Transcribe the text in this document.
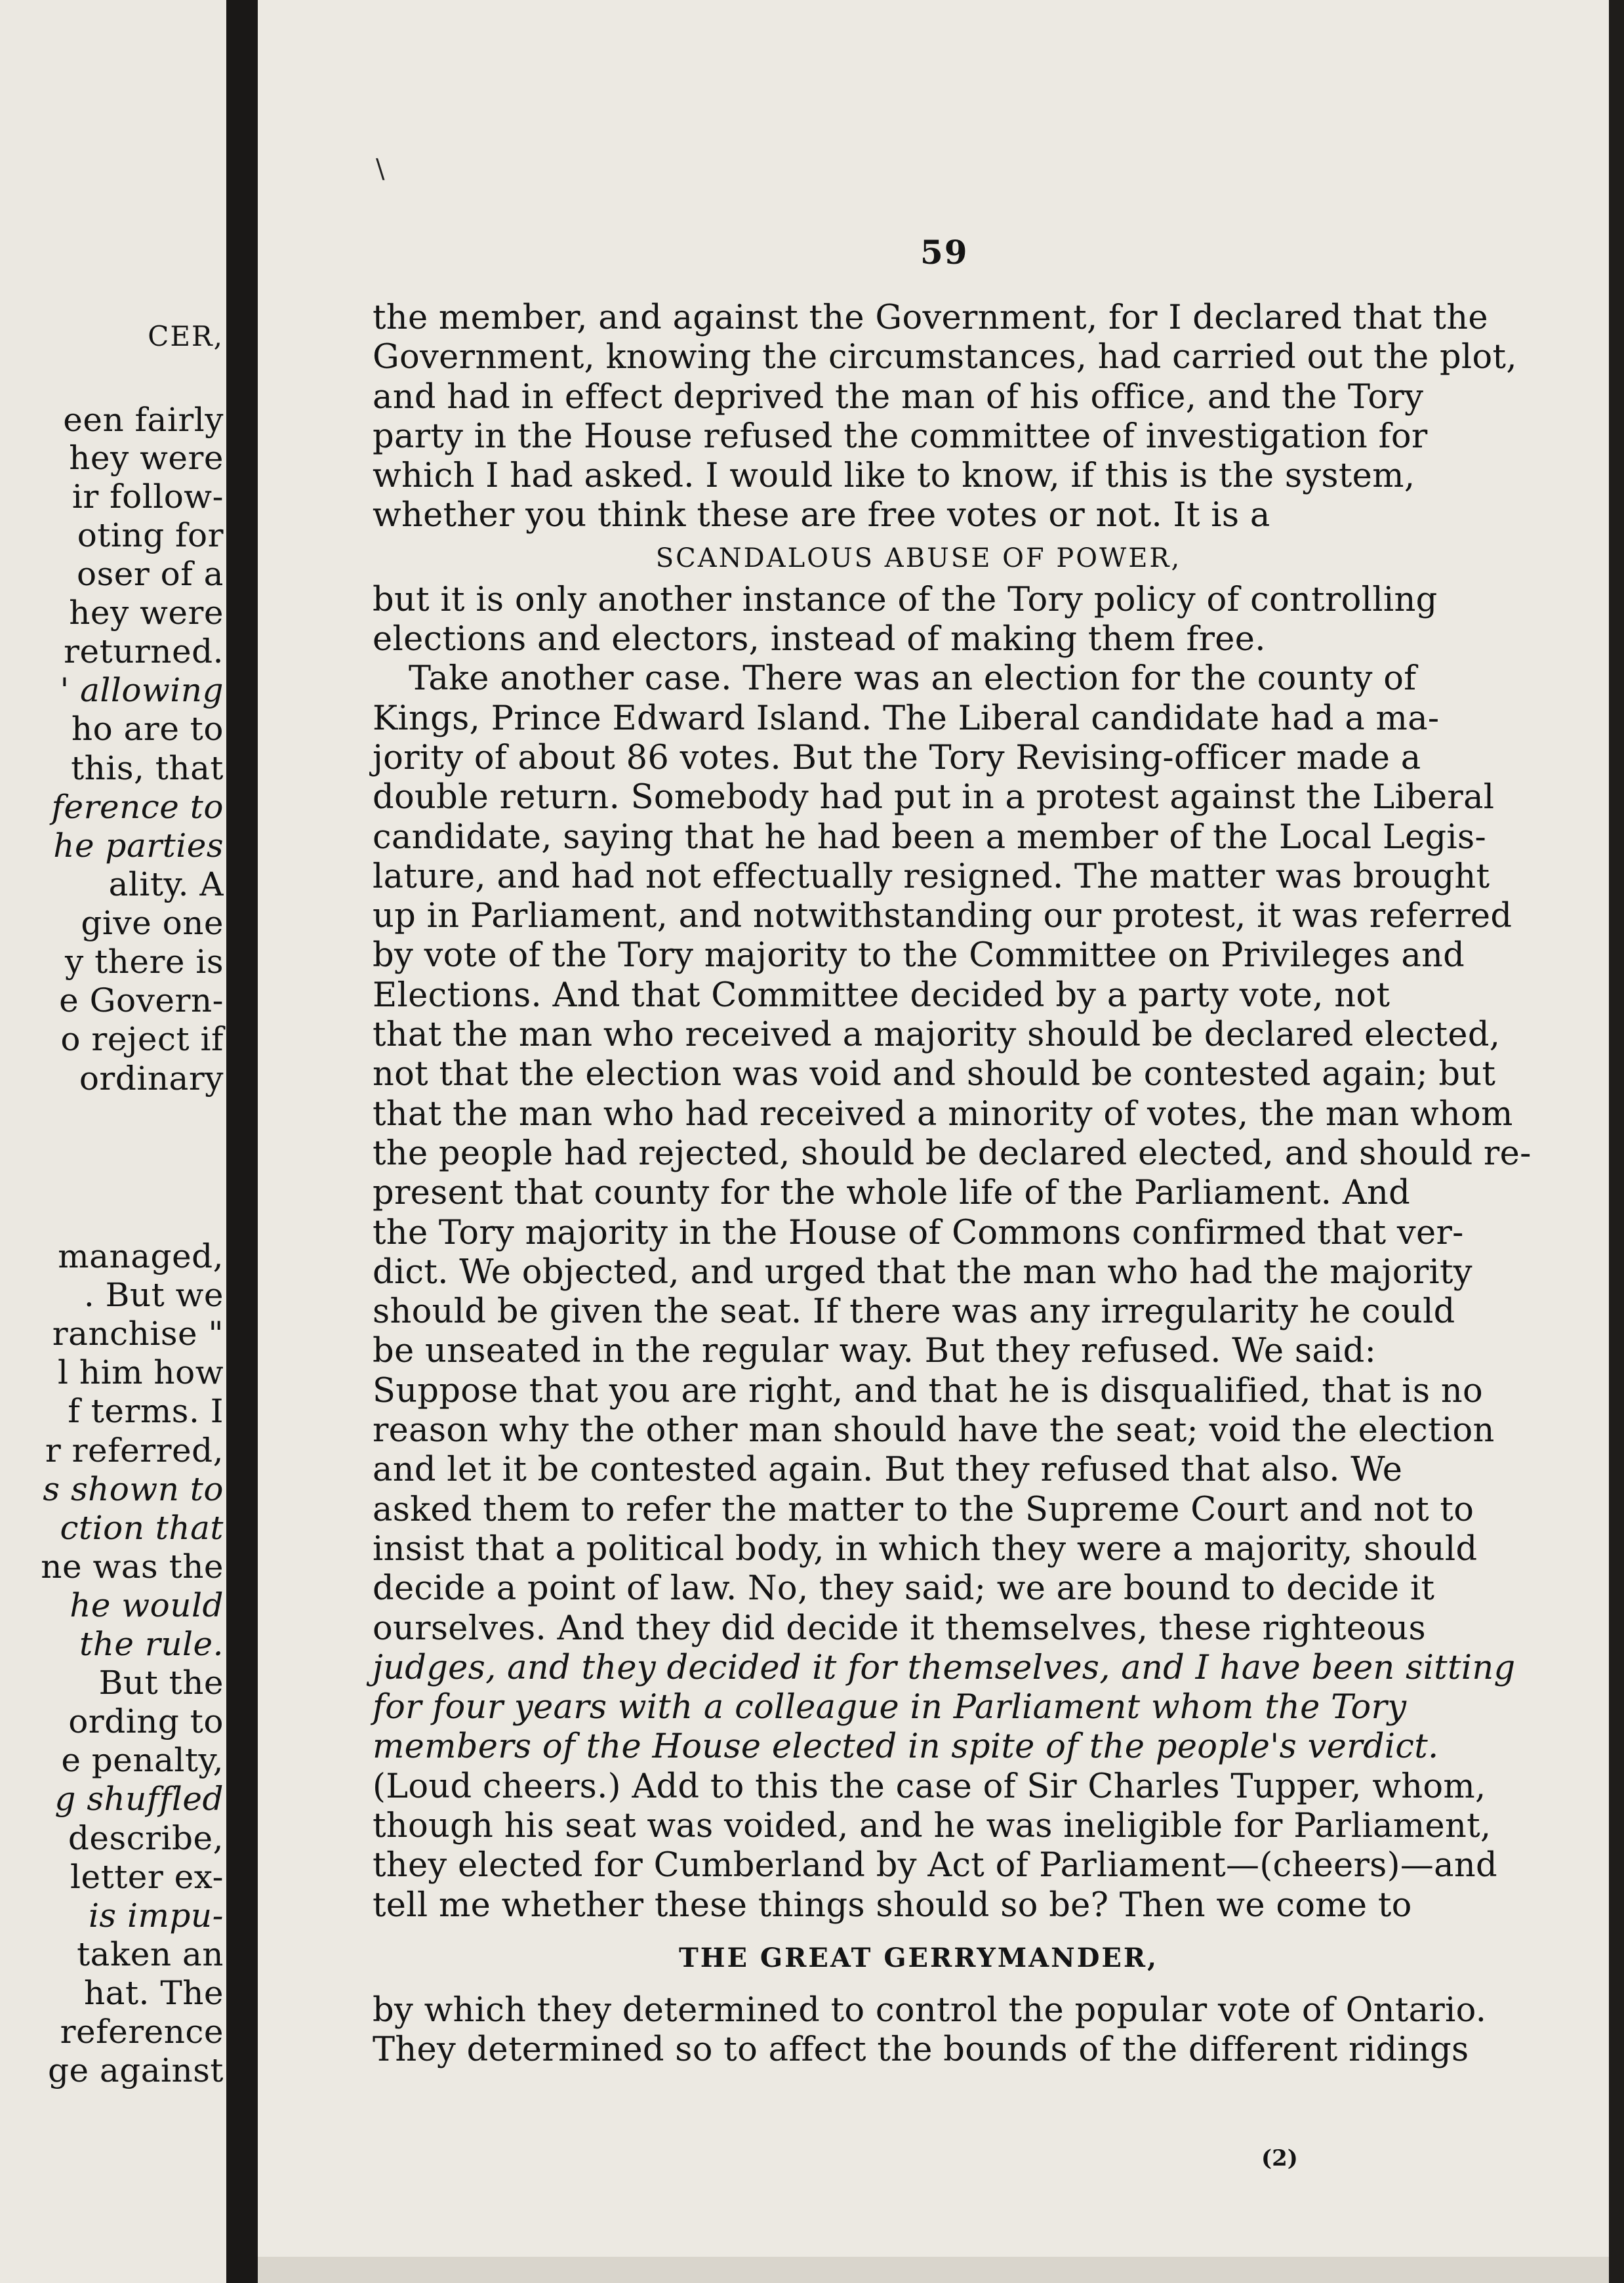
CER,

een fairly

hey were

ir follow-

oting for

oser of a

hey were

returned.

' allowing

ho are to

this, that

ference to

he parties

ality. A

give one

y there is

e Govern-

o reject if

ordinary

managed,

. But we

ranchise "

l him how

f terms. I

r referred,

s shown to

ction that

ne was the

he would

the rule.

But the

ording to

e penalty,

g shuffled

describe,

letter ex-

is impu-

taken an

hat. The

reference

ge against

\

59

the member, and against the Government, for I declared that the

Government, knowing the circumstances, had carried out the plot,

and had in effect deprived the man of his office, and the Tory

party in the House refused the committee of investigation for

which I had asked. I would like to know, if this is the system,

whether you think these are free votes or not. It is a

SCANDALOUS ABUSE OF POWER,

but it is only another instance of the Tory policy of controlling

elections and electors, instead of making them free.

Take another case. There was an election for the county of

Kings, Prince Edward Island. The Liberal candidate had a ma-

jority of about 86 votes. But the Tory Revising-officer made a

double return. Somebody had put in a protest against the Liberal

candidate, saying that he had been a member of the Local Legis-

lature, and had not effectually resigned. The matter was brought

up in Parliament, and notwithstanding our protest, it was referred

by vote of the Tory majority to the Committee on Privileges and

Elections. And that Committee decided by a party vote, not

that the man who received a majority should be declared elected,

not that the election was void and should be contested again; but

that the man who had received a minority of votes, the man whom

the people had rejected, should be declared elected, and should re-

present that county for the whole life of the Parliament. And

the Tory majority in the House of Commons confirmed that ver-

dict. We objected, and urged that the man who had the majority

should be given the seat. If there was any irregularity he could

be unseated in the regular way. But they refused. We said:

Suppose that you are right, and that he is disqualified, that is no

reason why the other man should have the seat; void the election

and let it be contested again. But they refused that also. We

asked them to refer the matter to the Supreme Court and not to

insist that a political body, in which they were a majority, should

decide a point of law. No, they said; we are bound to decide it

ourselves. And they did decide it themselves, these righteous

judges, and they decided it for themselves, and I have been sitting

for four years with a colleague in Parliament whom the Tory

members of the House elected in spite of the people's verdict.

(Loud cheers.) Add to this the case of Sir Charles Tupper, whom,

though his seat was voided, and he was ineligible for Parliament,

they elected for Cumberland by Act of Parliament—(cheers)—and

tell me whether these things should so be? Then we come to

THE GREAT GERRYMANDER,

by which they determined to control the popular vote of Ontario.

They determined so to affect the bounds of the different ridings

(2)
